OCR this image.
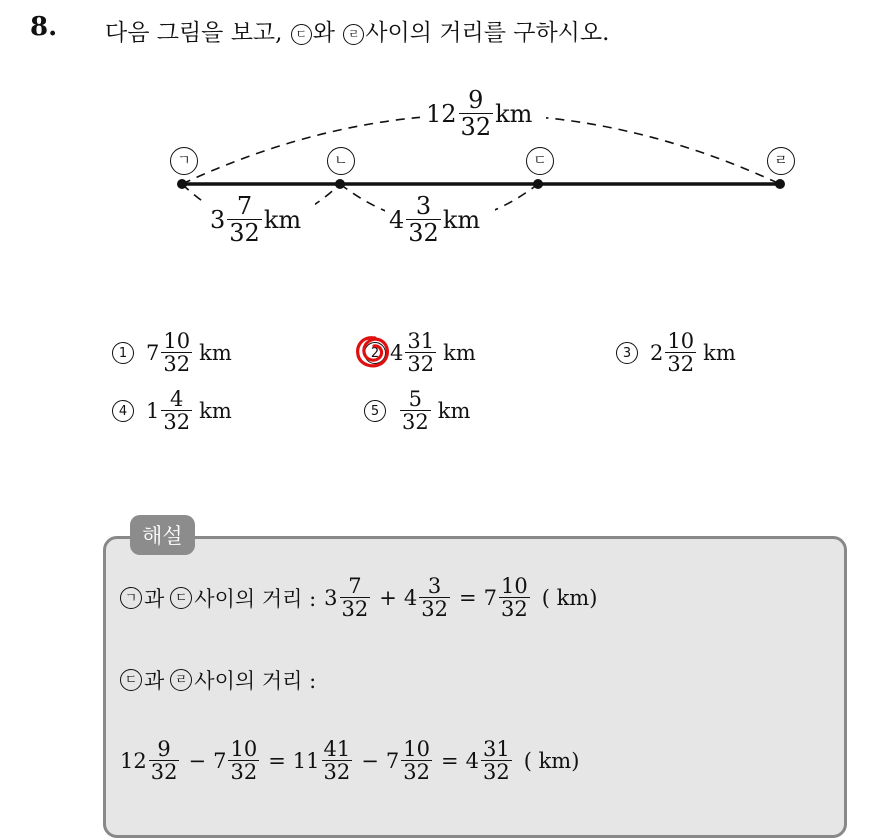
8. 다음 그림을 보고, ㄷ 와 ㄹ 사이의 거리를 구하시오.
ㄱ	ㄴ	ㄷ	ㄹ
$12 \frac{9}{32}$ km
$3 \frac{7}{32}$ km	$4 \frac{3}{32}$ km
1 $7 \frac{10}{32}$ km	2 $4 \frac{31}{32}$ km	3 $2 \frac{10}{32}$ km
4 $1 \frac{4}{32}$ km	$5 \frac{5}{32}$ km
해설
ㄱ 과 ㄷ 사이의 거리 : $3 \frac{7}{32} + 4 \frac{3}{32} = 7 \frac{10}{32}$ ( km)
ㄷ 과 ㄹ 사이의 거리 :
$12 \frac{9}{32} - 7 \frac{10}{32} = 11 \frac{41}{32} - 7 \frac{10}{32} = 4 \frac{31}{32}$ ( km)
